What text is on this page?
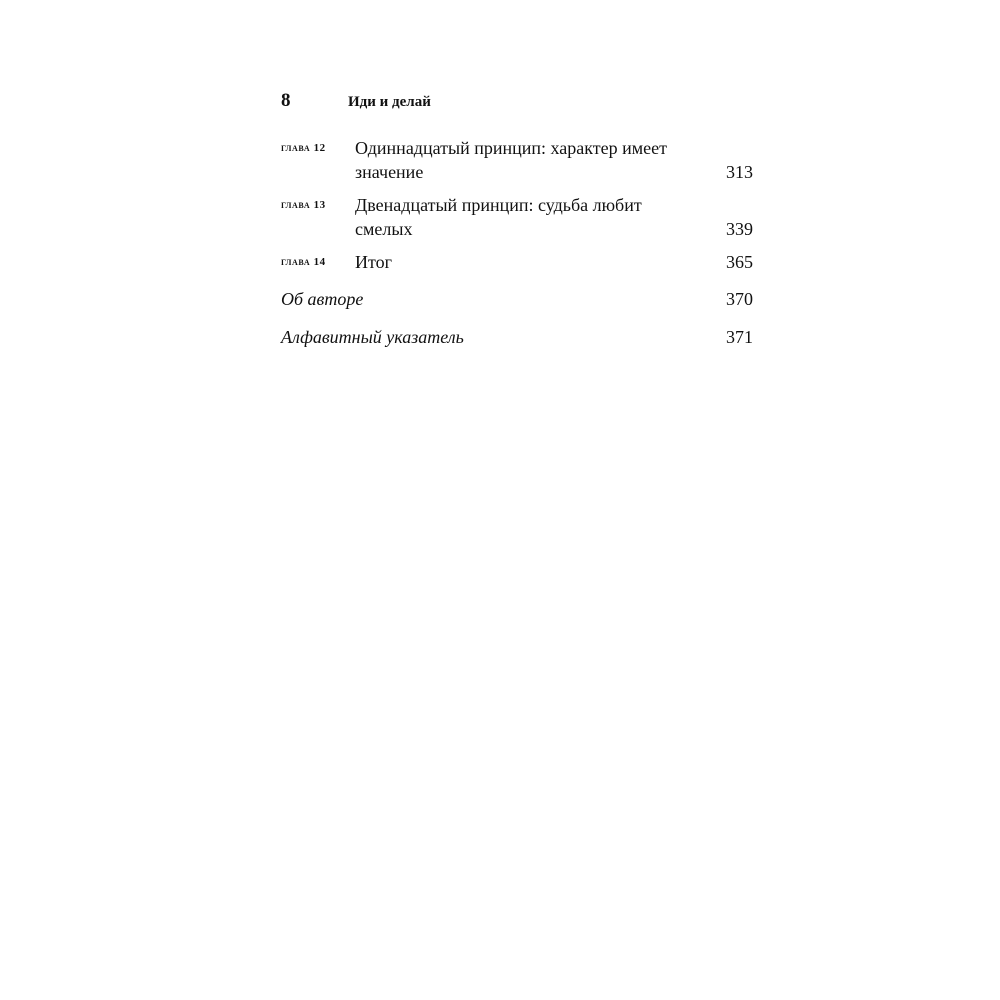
8	Иди и делай
глава 12 Одиннадцатый принцип: характер имеет
значение	313
глава 13 Двенадцатый принцип: судьба любит
смелых	339
глава 14 Итог	365
Об авторе	370
Алфавитный указатель	371
